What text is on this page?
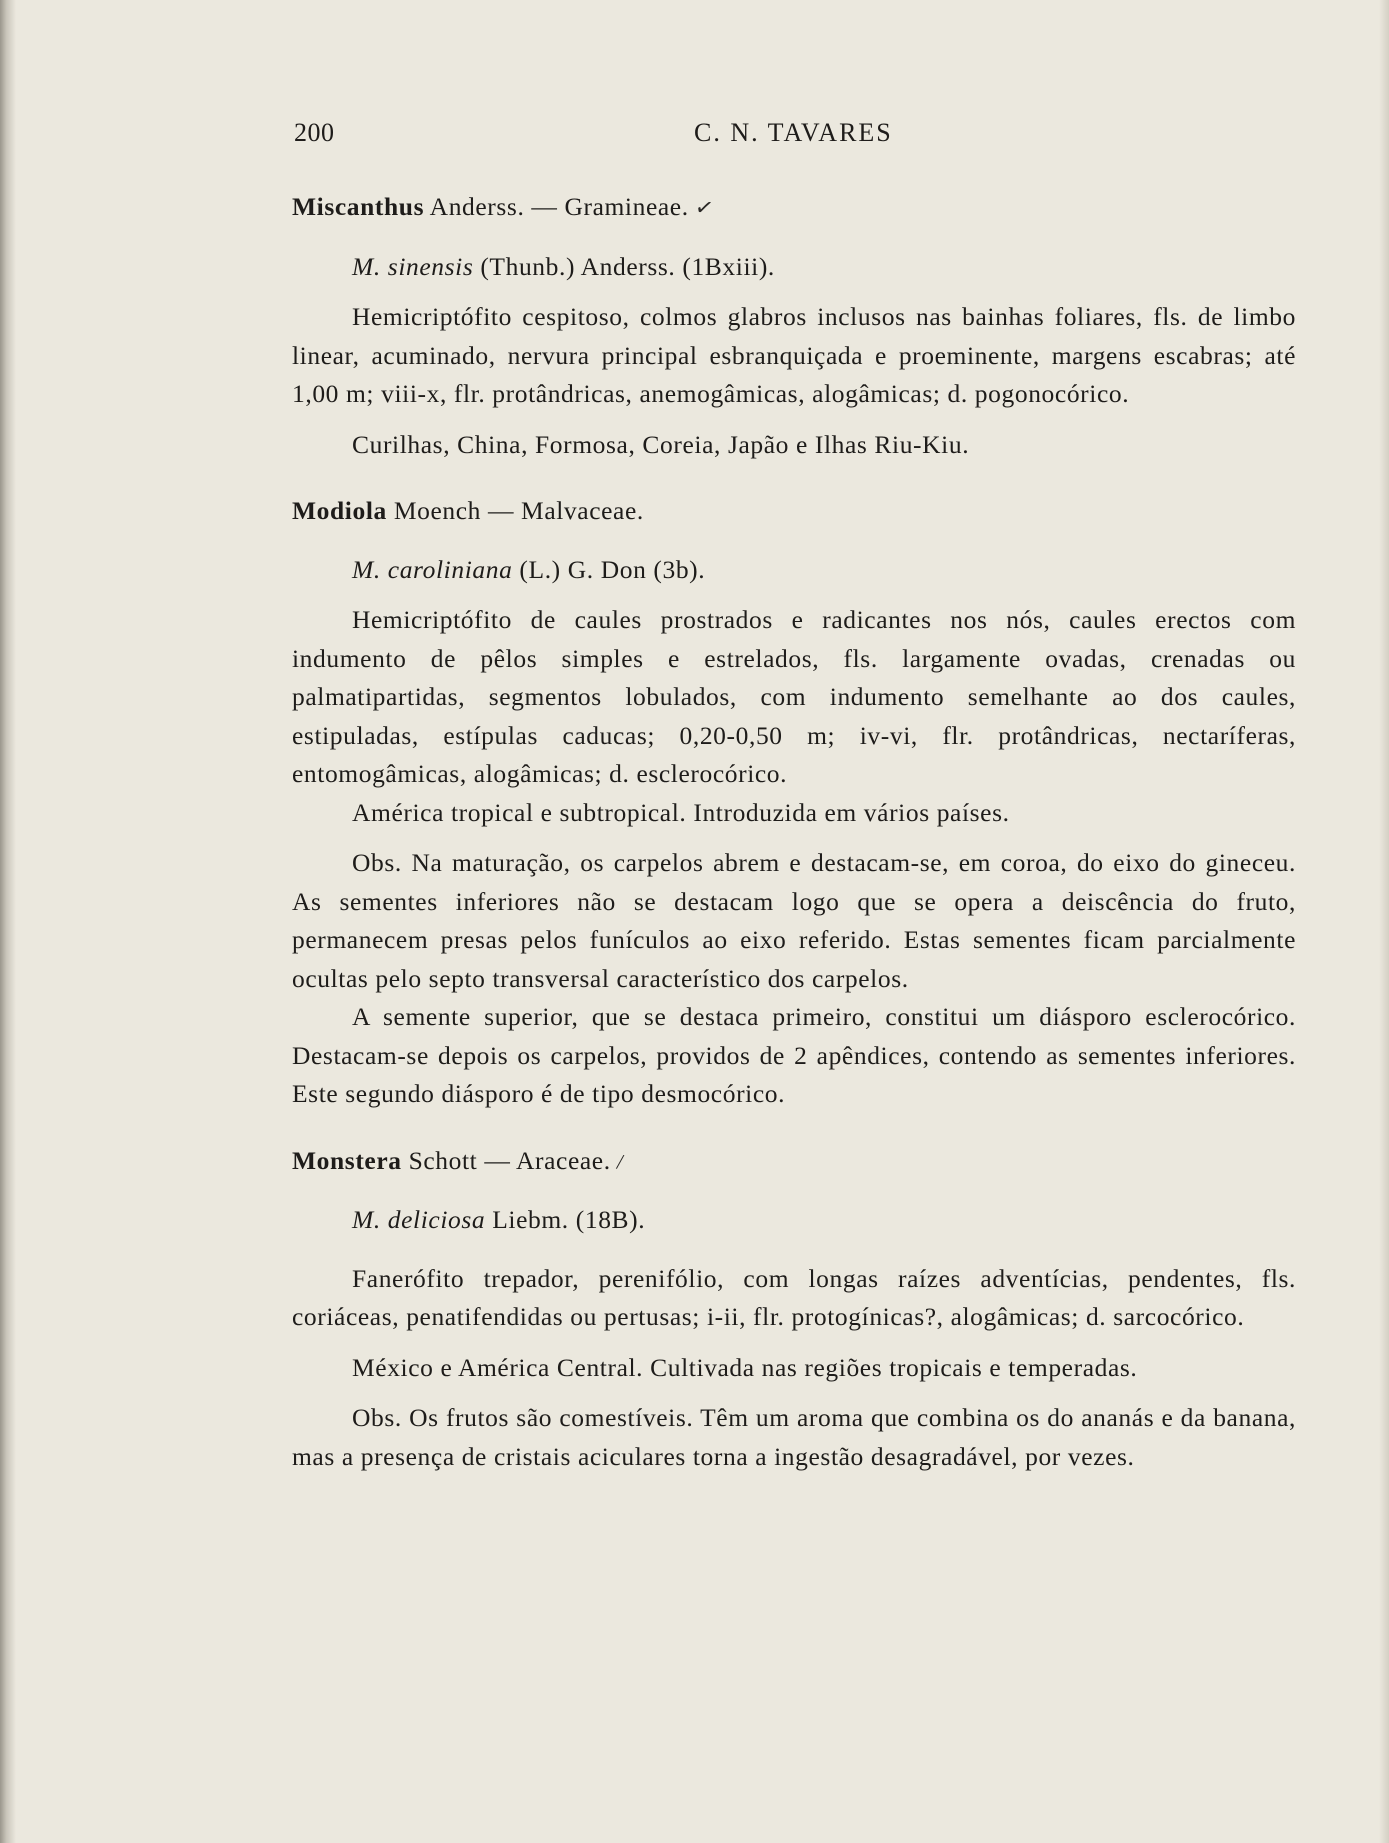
200	C. N. TAVARES

Miscanthus Anderss. — Gramineae. ✓

M. sinensis (Thunb.) Anderss. (1Bxiii).

Hemicriptófito cespitoso, colmos glabros inclusos nas bainhas foliares, fls. de limbo linear, acuminado, nervura principal esbranquiçada e proeminente, margens escabras; até 1,00 m; viii-x, flr. protândricas, anemogâmicas, alogâmicas; d. pogonocórico.

Curilhas, China, Formosa, Coreia, Japão e Ilhas Riu-Kiu.

Modiola Moench — Malvaceae.

M. caroliniana (L.) G. Don (3b).

Hemicriptófito de caules prostrados e radicantes nos nós, caules erectos com indumento de pêlos simples e estrelados, fls. largamente ovadas, crenadas ou palmatipartidas, segmentos lobulados, com indumento semelhante ao dos caules, estipuladas, estípulas caducas; 0,20-0,50 m; iv-vi, flr. protândricas, nectaríferas, entomogâmicas, alogâmicas; d. esclerocórico.

América tropical e subtropical. Introduzida em vários países.

Obs. Na maturação, os carpelos abrem e destacam-se, em coroa, do eixo do gineceu. As sementes inferiores não se destacam logo que se opera a deiscência do fruto, permanecem presas pelos funículos ao eixo referido. Estas sementes ficam parcialmente ocultas pelo septo transversal característico dos carpelos.

A semente superior, que se destaca primeiro, constitui um diásporo esclerocórico. Destacam-se depois os carpelos, providos de 2 apêndices, contendo as sementes inferiores. Este segundo diásporo é de tipo desmocórico.

Monstera Schott — Araceae. /

M. deliciosa Liebm. (18B).

Fanerófito trepador, perenifólio, com longas raízes adventícias, pendentes, fls. coriáceas, penatifendidas ou pertusas; i-ii, flr. protogínicas?, alogâmicas; d. sarcocórico.

México e América Central. Cultivada nas regiões tropicais e temperadas.

Obs. Os frutos são comestíveis. Têm um aroma que combina os do ananás e da banana, mas a presença de cristais aciculares torna a ingestão desagradável, por vezes.
